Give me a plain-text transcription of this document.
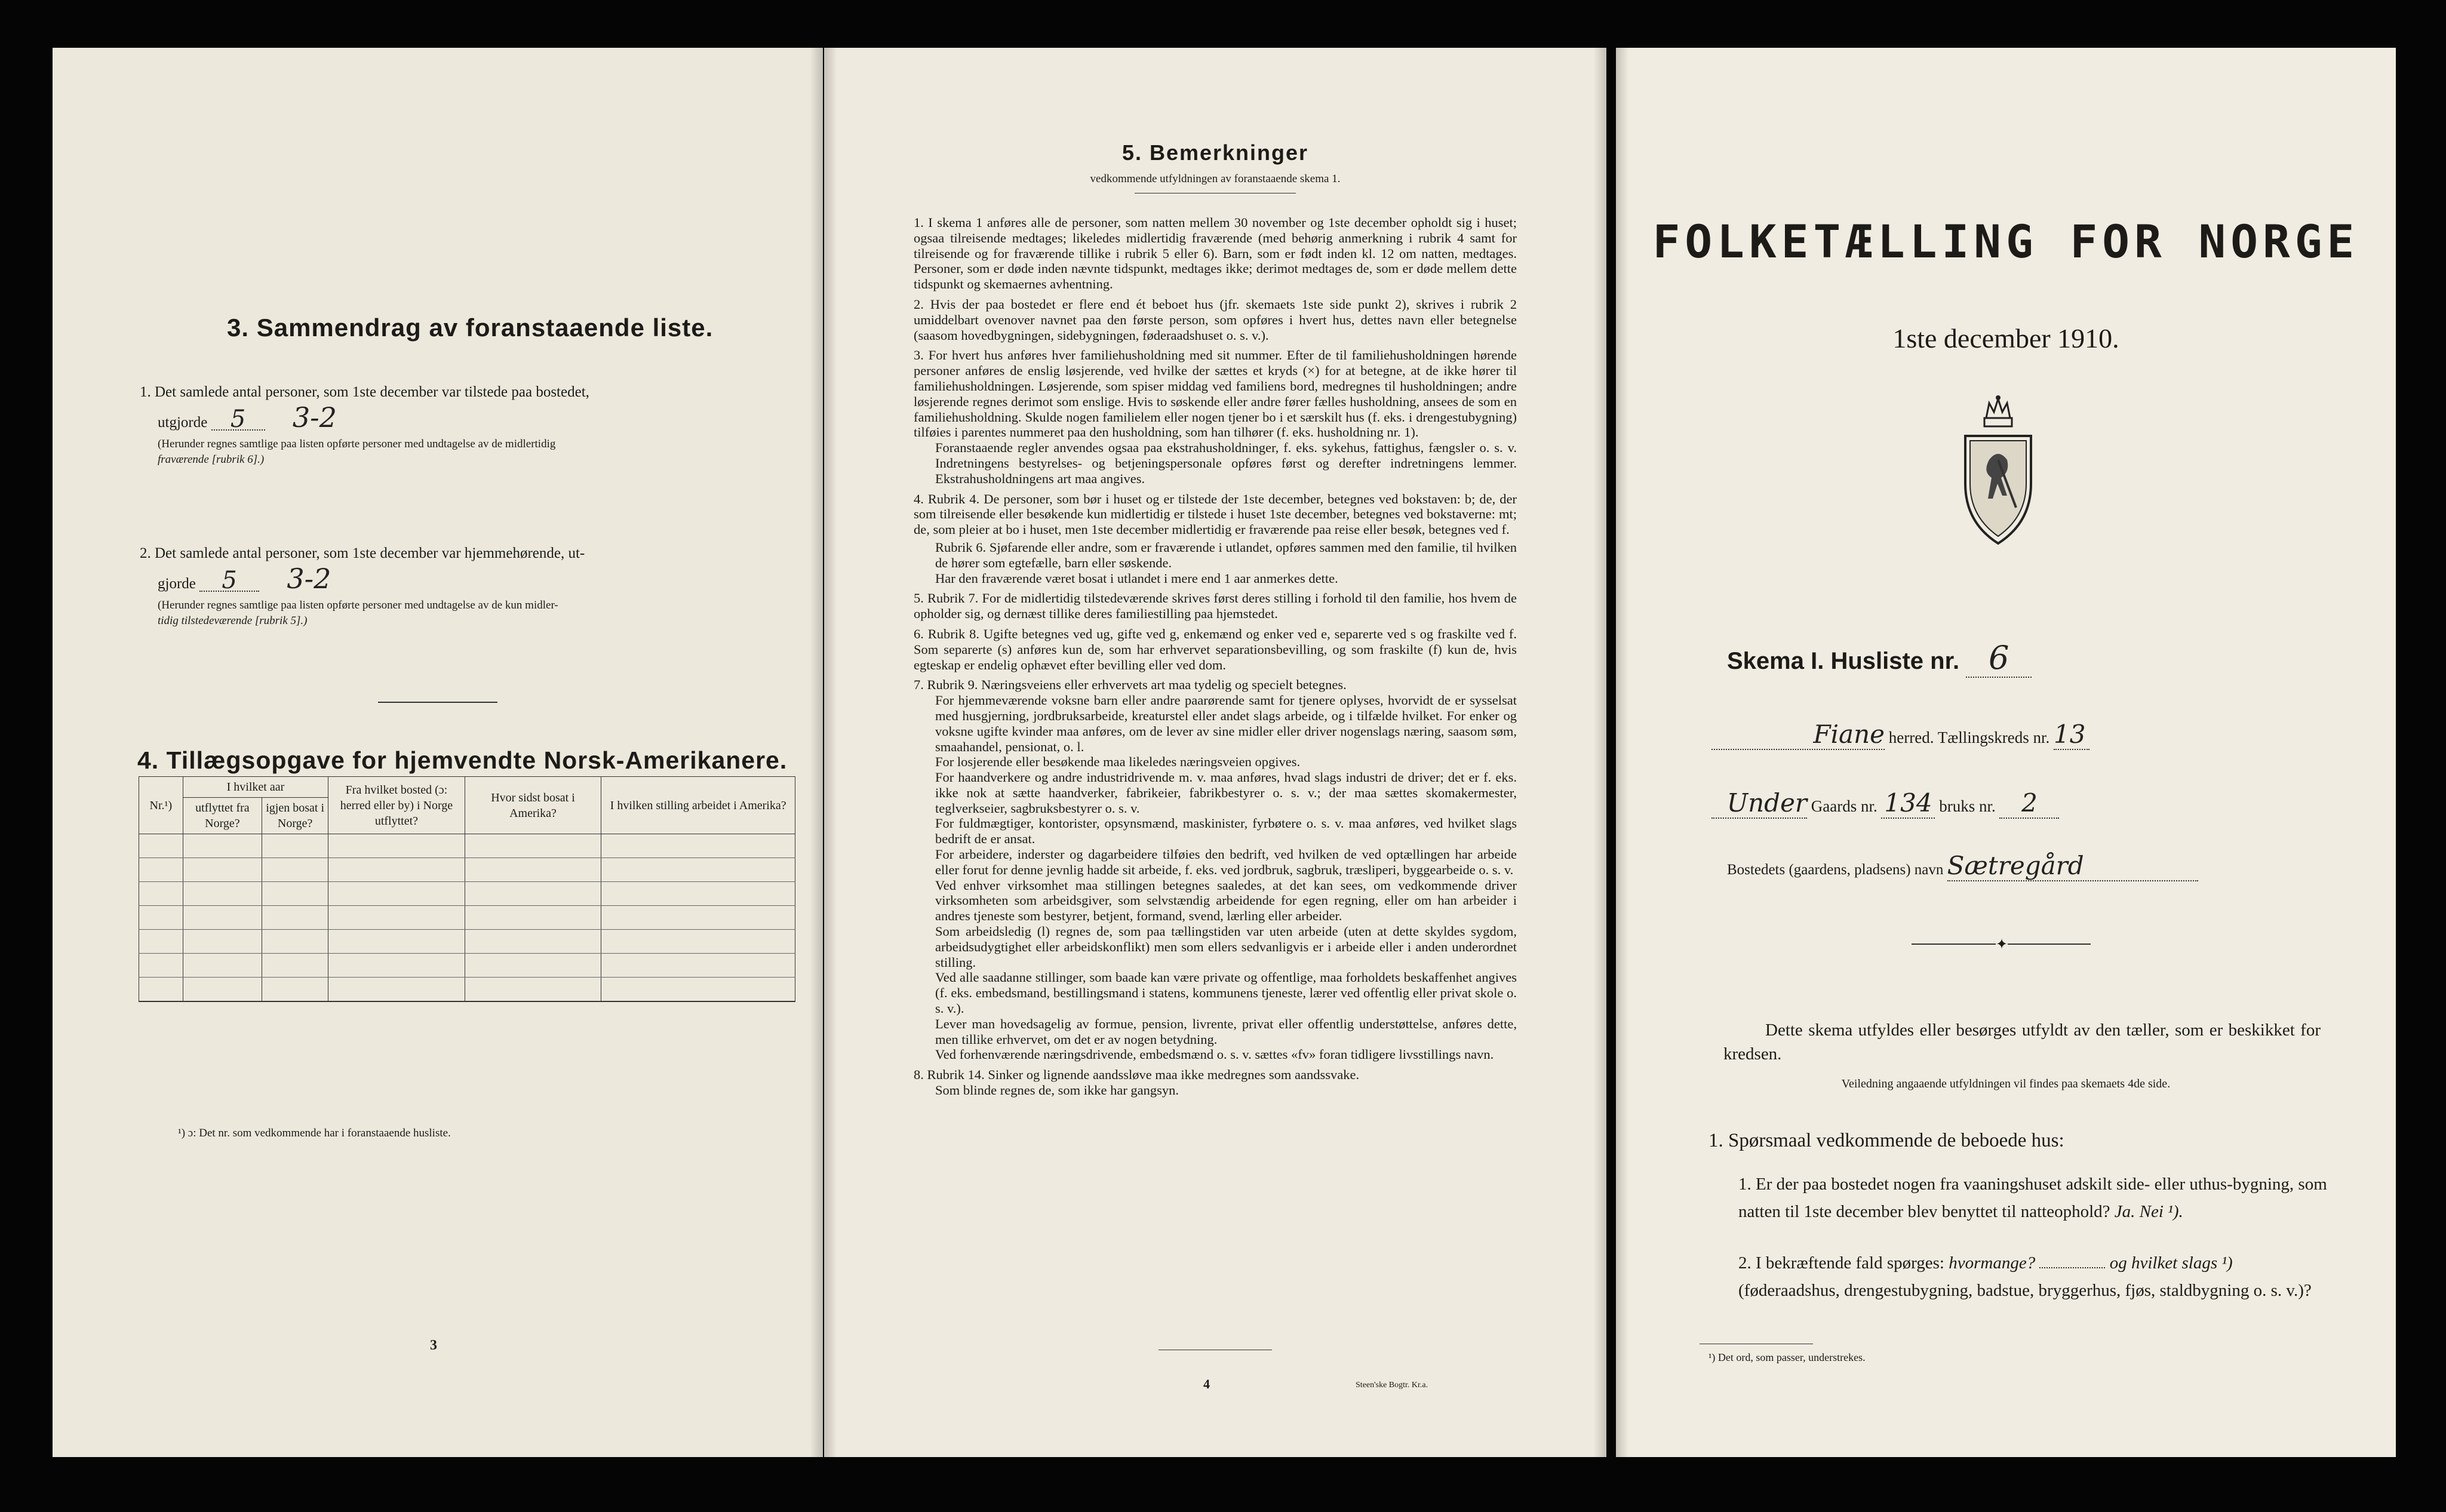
3. Sammendrag av foranstaaende liste.
1. Det samlede antal personer, som 1ste december var tilstede paa bostedet,
utgjorde 5 3-2
(Herunder regnes samtlige paa listen opførte personer med undtagelse av de midlertidig
fraværende [rubrik 6].)
2. Det samlede antal personer, som 1ste december var hjemmehørende, ut-
gjorde 5 3-2
(Herunder regnes samtlige paa listen opførte personer med undtagelse av de kun midler-
tidig tilstedeværende [rubrik 5].)
4. Tillægsopgave for hjemvendte Norsk-Amerikanere.
Nr.¹)	I hvilket aar		Fra hvilket bosted (ɔ: herred eller by) i Norge utflyttet?	Hvor sidst bosat i Amerika?	I hvilken stilling arbeidet i Amerika?
	utflyttet fra Norge?	igjen bosat i Norge?			

¹) ɔ: Det nr. som vedkommende har i foranstaaende husliste.
3
5. Bemerkninger
vedkommende utfyldningen av foranstaaende skema 1.

1. I skema 1 anføres alle de personer, som natten mellem 30 november og 1ste december opholdt sig i huset; ogsaa tilreisende medtages; likeledes midlertidig fraværende (med behørig anmerkning i rubrik 4 samt for tilreisende og for fraværende tillike i rubrik 5 eller 6). Barn, som er født inden kl. 12 om natten, medtages. Personer, som er døde inden nævnte tidspunkt, medtages ikke; derimot medtages de, som er døde mellem dette tidspunkt og skemaernes avhentning.

2. Hvis der paa bostedet er flere end ét beboet hus (jfr. skemaets 1ste side punkt 2), skrives i rubrik 2 umiddelbart ovenover navnet paa den første person, som opføres i hvert hus, dettes navn eller betegnelse (saasom hovedbygningen, sidebygningen, føderaadshuset o. s. v.).

3. For hvert hus anføres hver familiehusholdning med sit nummer. Efter de til familiehusholdningen hørende personer anføres de enslig løsjerende, ved hvilke der sættes et kryds (×) for at betegne, at de ikke hører til familiehusholdningen. Løsjerende, som spiser middag ved familiens bord, medregnes til husholdningen; andre løsjerende regnes derimot som enslige. Hvis to søskende eller andre fører fælles husholdning, ansees de som en familiehusholdning. Skulde nogen familielem eller nogen tjener bo i et særskilt hus (f. eks. i drengestubygning) tilføies i parentes nummeret paa den husholdning, som han tilhører (f. eks. husholdning nr. 1).

Foranstaaende regler anvendes ogsaa paa ekstrahusholdninger, f. eks. sykehus, fattighus, fængsler o. s. v. Indretningens bestyrelses- og betjeningspersonale opføres først og derefter indretningens lemmer. Ekstrahusholdningens art maa angives.

4. Rubrik 4. De personer, som bør i huset og er tilstede der 1ste december, betegnes ved bokstaven: b; de, der som tilreisende eller besøkende kun midlertidig er tilstede i huset 1ste december, betegnes ved bokstaverne: mt; de, som pleier at bo i huset, men 1ste december midlertidig er fraværende paa reise eller besøk, betegnes ved f.

Rubrik 6. Sjøfarende eller andre, som er fraværende i utlandet, opføres sammen med den familie, til hvilken de hører som egtefælle, barn eller søskende.

Har den fraværende været bosat i utlandet i mere end 1 aar anmerkes dette.

5. Rubrik 7. For de midlertidig tilstedeværende skrives først deres stilling i forhold til den familie, hos hvem de opholder sig, og dernæst tillike deres familiestilling paa hjemstedet.

6. Rubrik 8. Ugifte betegnes ved ug, gifte ved g, enkemænd og enker ved e, separerte ved s og fraskilte ved f. Som separerte (s) anføres kun de, som har erhvervet separationsbevilling, og som fraskilte (f) kun de, hvis egteskap er endelig ophævet efter bevilling eller ved dom.

7. Rubrik 9. Næringsveiens eller erhvervets art maa tydelig og specielt betegnes.

For hjemmeværende voksne barn eller andre paarørende samt for tjenere oplyses, hvorvidt de er sysselsat med husgjerning, jordbruksarbeide, kreaturstel eller andet slags arbeide, og i tilfælde hvilket. For enker og voksne ugifte kvinder maa anføres, om de lever av sine midler eller driver nogenslags næring, saasom søm, smaahandel, pensionat, o. l.

For losjerende eller besøkende maa likeledes næringsveien opgives.

For haandverkere og andre industridrivende m. v. maa anføres, hvad slags industri de driver; det er f. eks. ikke nok at sætte haandverker, fabrikeier, fabrikbestyrer o. s. v.; der maa sættes skomakermester, teglverkseier, sagbruksbestyrer o. s. v.

For fuldmægtiger, kontorister, opsynsmænd, maskinister, fyrbøtere o. s. v. maa anføres, ved hvilket slags bedrift de er ansat.

For arbeidere, inderster og dagarbeidere tilføies den bedrift, ved hvilken de ved optællingen har arbeide eller forut for denne jevnlig hadde sit arbeide, f. eks. ved jordbruk, sagbruk, træsliperi, byggearbeide o. s. v.

Ved enhver virksomhet maa stillingen betegnes saaledes, at det kan sees, om vedkommende driver virksomheten som arbeidsgiver, som selvstændig arbeidende for egen regning, eller om han arbeider i andres tjeneste som bestyrer, betjent, formand, svend, lærling eller arbeider.

Som arbeidsledig (l) regnes de, som paa tællingstiden var uten arbeide (uten at dette skyldes sygdom, arbeidsudygtighet eller arbeidskonflikt) men som ellers sedvanligvis er i arbeide eller i anden underordnet stilling.

Ved alle saadanne stillinger, som baade kan være private og offentlige, maa forholdets beskaffenhet angives (f. eks. embedsmand, bestillingsmand i statens, kommunens tjeneste, lærer ved offentlig eller privat skole o. s. v.).

Lever man hovedsagelig av formue, pension, livrente, privat eller offentlig understøttelse, anføres dette, men tillike erhvervet, om det er av nogen betydning.

Ved forhenværende næringsdrivende, embedsmænd o. s. v. sættes «fv» foran tidligere livsstillings navn.

8. Rubrik 14. Sinker og lignende aandssløve maa ikke medregnes som aandssvake.

Som blinde regnes de, som ikke har gangsyn.

4	Steen'ske Bogtr. Kr.a.
FOLKETÆLLING FOR NORGE
1ste december 1910.
Skema I. Husliste nr. 6
Fiane herred. Tællingskreds nr. 13
Under Gaards nr. 134 bruks nr. 2
Bostedets (gaardens, pladsens) navn Sætregård
✦
Dette skema utfyldes eller besørges utfyldt av den tæller, som er beskikket for kredsen.
Veiledning angaaende utfyldningen vil findes paa skemaets 4de side.
1. Spørsmaal vedkommende de beboede hus:
1. Er der paa bostedet nogen fra vaaningshuset adskilt side- eller uthus-bygning, som natten til 1ste december blev benyttet til natteophold? Ja. Nei ¹).
2. I bekræftende fald spørges: hvormange?	og hvilket slags ¹) (føderaadshus, drengestubygning, badstue, bryggerhus, fjøs, staldbygning o. s. v.)?
¹) Det ord, som passer, understrekes.
